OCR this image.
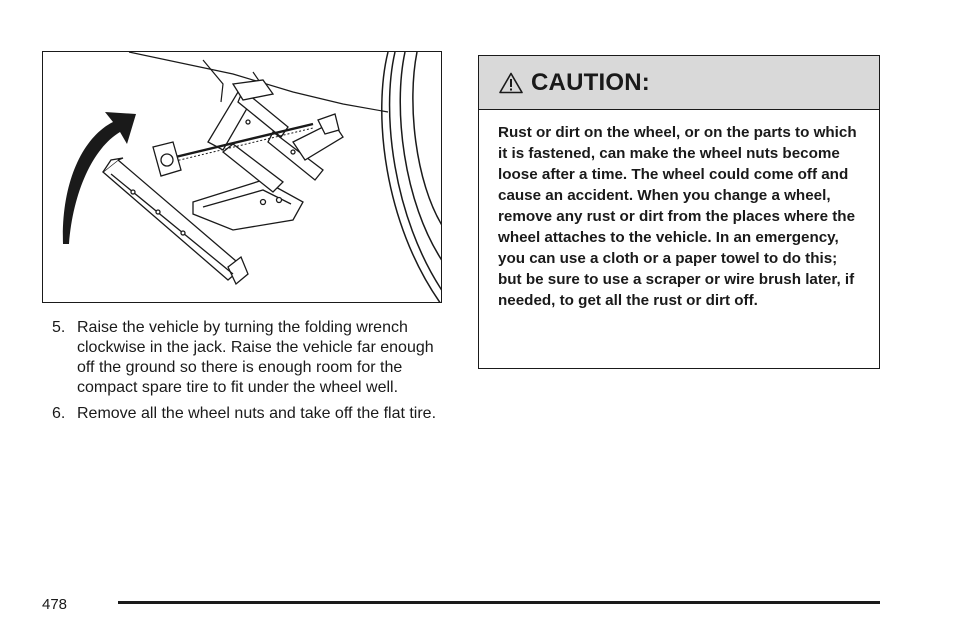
5. Raise the vehicle by turning the folding wrench clockwise in the jack. Raise the vehicle far enough off the ground so there is enough room for the compact spare tire to fit under the wheel well.
6. Remove all the wheel nuts and take off the flat tire.
CAUTION:
Rust or dirt on the wheel, or on the parts to which it is fastened, can make the wheel nuts become loose after a time. The wheel could come off and cause an accident. When you change a wheel, remove any rust or dirt from the places where the wheel attaches to the vehicle. In an emergency, you can use a cloth or a paper towel to do this; but be sure to use a scraper or wire brush later, if needed, to get all the rust or dirt off.
478
